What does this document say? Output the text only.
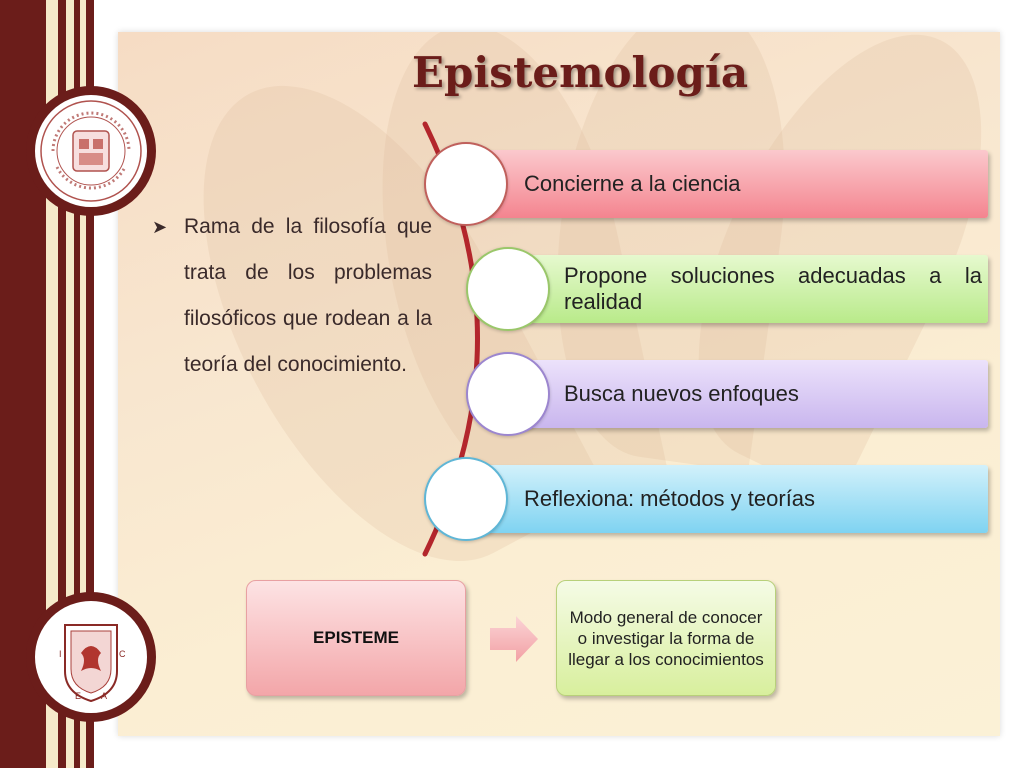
I	C
E A
Epistemología
➤ Rama de la filosofía que trata de los problemas filosóficos que rodean a la teoría del conocimiento.
Concierne a la ciencia
Propone soluciones adecuadas a la realidad
Busca nuevos enfoques
Reflexiona: métodos y teorías
EPISTEME
Modo general de conocer o investigar la forma de llegar a los conocimientos
